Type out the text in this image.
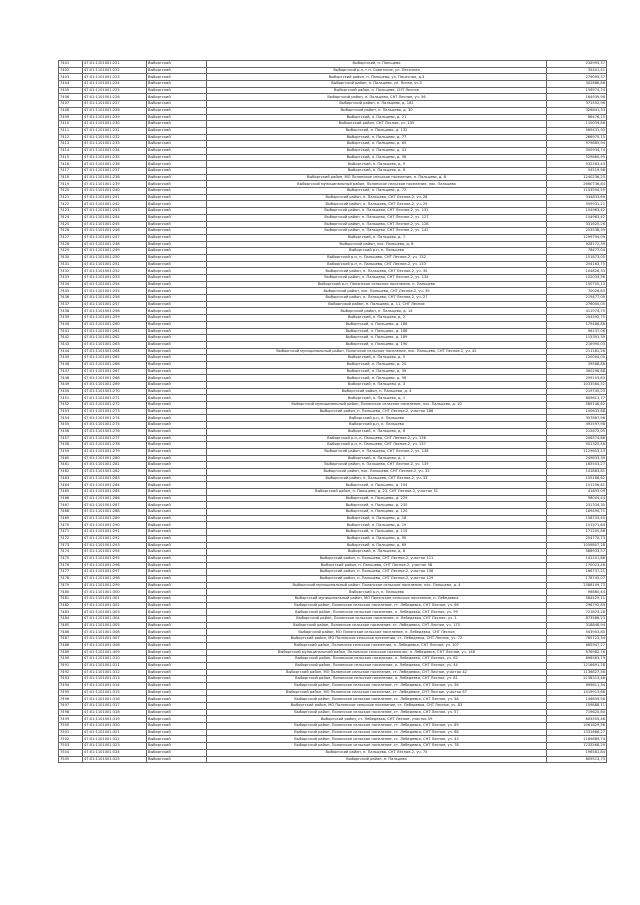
7401	47:01:1101001:221	Выборгский	Выборгский, п. Пальцево	234993,37
7402	47:01:1101001:222	Выборгский	Выборгский р-н, г.п. Советское, ул. Песочная	35401,51
7403	47:01:1101001:223	Выборгский	Выборгский район, п. Пальцево, ул. Песочная, д.3	279095,37
7404	47:01:1101001:224	Выборгский	Выборгский район, п. Пальцево, ул. Ясная, уч.5	302886,86
7405	47:01:1101001:225	Выборгский	Выборгский район, п. Пальцево, СНТ Лесное	156974,74
7406	47:01:1101001:226	Выборгский	Выборгский район, п. Пальцево, СНТ Лесное, уч. 56	164939,98
7407	47:01:1101001:227	Выборгский	Выборгский район, п. Пальцево, д. 181	371552,96
7408	47:01:1101001:228	Выборгский	Выборгский район, п. Пальцево, д. 30	326641,33
7409	47:01:1101001:229	Выборгский	Выборгский, п. Пальцево, д. 21	86476,15
7410	47:01:1101001:230	Выборгский	Выборгский район, СНТ Лесное, уч. 135	110039,86
7411	47:01:1101001:231	Выборгский	Выборгский, п. Пальцево, д. 132	569431,93
7412	47:01:1101001:232	Выборгский	Выборгский, п. Пальцево, д. 77	266970,15
7413	47:01:1101001:233	Выборгский	Выборгский, п. Пальцево, д. 65	579885,94
7414	47:01:1101001:234	Выборгский	Выборгский, п. Пальцево, д. 41	350934,74
7415	47:01:1101001:235	Выборгский	Выборгский, п. Пальцево, д. 58	529880,95
7416	47:01:1101001:236	Выборгский	Выборгский, п. Пальцево, д. 9	532263,44
7417	47:01:1101001:237	Выборгский	Выборгский, п. Пальцево, д. 6	54519,98
7418	47:01:1101001:238	Выборгский	Выборгский район, МО Полянское сельское поселение, п. Пальцево, д. 8	1240236,25
7419	47:01:1101001:239	Выборгский	Выборгский муниципальный район, Полянское сельское поселение, пос. Пальцево	2660736,84
7420	47:01:1101001:240	Выборгский	Выборгский, п. Пальцево, д. 72	1103594,55
7421	47:01:1101001:241	Выборгский	Выборгский район, п. Пальцево, СНТ Лесное-2, уч. 28	334833,69
7422	47:01:1101001:242	Выборгский	Выборгский район, п. Пальцево, СНТ Лесное-2, уч. 29	559931,21
7423	47:01:1101001:243	Выборгский	Выборгский район, п. Пальцево, СНТ Лесное-2, уч. 131	154963,42
7424	47:01:1101001:244	Выборгский	Выборгский район, п. Пальцево, СНТ Лесное-2, уч. 127	154963,42
7425	47:01:1101001:245	Выборгский	Выборгский район, п. Пальцево, СНТ Лесное-2, уч. 128	331625,26
7426	47:01:1101001:246	Выборгский	Выборгский район, п. Пальцево, СНТ Лесное-2, уч. 141	253538,39
7427	47:01:1101001:247	Выборгский	Выборгский, п. Пальцево, д. 7	1299794,09
7428	47:01:1101001:248	Выборгский	Выборгский район, пос. Пальцево, д. 8	928172,39
7429	47:01:1101001:249	Выборгский	Выборгский р-н, п. Пальцево	78477,04
7430	47:01:1101001:250	Выборгский	Выборгский р-н, п. Пальцево, СНТ Лесное-2, уч. 132	151873,05
7431	47:01:1101001:251	Выборгский	Выборгский р-н, п. Пальцево, СНТ Лесное-2, уч. 133	254163,75
7432	47:01:1101001:252	Выборгский	Выборгский район, п. Пальцево, СНТ Лесное-2, уч. 35	104826,33
7433	47:01:1101001:253	Выборгский	Выборгский район, п. Пальцево, СНТ Лесное-2, уч. 134	102033,56
7434	47:01:1101001:254	Выборгский	Выборгский р-н, Полянское сельское поселение, п. Пальцево	150755,13
7435	47:01:1101001:255	Выборгский	Выборгский район, пос. Пальцево, СНТ Лесное-2, уч. 39	70026,85
7436	47:01:1101001:256	Выборгский	Выборгский район, п. Пальцево, СНТ Лесное-2, уч. 27	219477,09
7437	47:01:1101001:257	Выборгский	Выборгский район, п. Пальцево, д. 11, СНТ Лесное	276000,00
7438	47:01:1101001:258	Выборгский	Выборгский район, п. Пальцево, д. 14	411974,75
7439	47:01:1101001:259	Выборгский	Выборгский, п. Пальцево, д. 2	254592,75
7440	47:01:1101001:260	Выборгский	Выборгский, п. Пальцево, д. 186	179486,88
7441	47:01:1101001:261	Выборгский	Выборгский, п. Пальцево, д. 188	96137,06
7442	47:01:1101001:262	Выборгский	Выборгский, п. Пальцево, д. 189	115391,39
7443	47:01:1101001:263	Выборгский	Выборгский, п. Пальцево, д. 190	216990,03
7444	47:01:1101001:264	Выборгский	Выборгский муниципальный район, Полянское сельское поселение, пос. Пальцево, СНТ Лесное-2, уч. 42	211181,26
7445	47:01:1101001:265	Выборгский	Выборгский, п. Пальцево, д. 5	120000,00
7446	47:01:1101001:266	Выборгский	Выборгский, п. Пальцево, д. 20	39568,88
7447	47:01:1101001:267	Выборгский	Выборгский, п. Пальцево, д. 39	300298,88
7448	47:01:1101001:268	Выборгский	Выборгский, п. Пальцево, д. 56	259103,83
7449	47:01:1101001:269	Выборгский	Выборгский, п. Пальцево, д. 3	1033584,52
7450	47:01:1101001:270	Выборгский	Выборгский район, п. Пальцево, д. 4	219745,23
7451	47:01:1101001:271	Выборгский	Выборгский, п. Пальцево, д. 1	809611,77
7452	47:01:1101001:272	Выборгский	Выборгский муниципальный район, Полянское сельское поселение, пос. Пальцево, д. 10	589148,62
7453	47:01:1101001:273	Выборгский	Выборгский район, п. Пальцево, СНТ Лесное-2, участок 186	100633,88
7454	47:01:1101001:274	Выборгский	Выборгский р-н, п. Пальцево	357887,96
7455	47:01:1101001:275	Выборгский	Выборгский р-н, п. Пальцево	492597,98
7456	47:01:1101001:276	Выборгский	Выборгский, п. Пальцево, д. 6	215672,05
7457	47:01:1101001:277	Выборгский	Выборгский р-н, п. Пальцево, СНТ Лесное-2, уч. 136	206574,86
7458	47:01:1101001:278	Выборгский	Выборгский р-н, п. Пальцево, СНТ Лесное-2, уч. 137	501325,46
7459	47:01:1101001:279	Выборгский	Выборгский район, п. Пальцево, СНТ Лесное-2, уч. 138	1129653,13
7460	47:01:1101001:280	Выборгский	Выборгский, п. Пальцево, д. 1	249833,39
7461	47:01:1101001:281	Выборгский	Выборгский район, п. Пальцево, СНТ Лесное-2, уч. 139	185553,27
7462	47:01:1101001:282	Выборгский	Выборгский район, пос. Пальцево, СНТ Лесное-2, уч. 32	141883,81
7463	47:01:1101001:283	Выборгский	Выборгский район, п. Пальцево, СНТ Лесное-2, уч. 33	159166,62
7464	47:01:1101001:284	Выборгский	Выборгский, п. Пальцево, д. 104	151256,81
7465	47:01:1101001:285	Выборгский	Выборгский район, п. Пальцево, д. 23, СНТ Лесное-2, участок 31	41893,09
7466	47:01:1101001:286	Выборгский	Выборгский, п. Пальцево, д. 229	98004,44
7467	47:01:1101001:287	Выборгский	Выборгский, п. Пальцево, д. 235	231334,35
7468	47:01:1101001:288	Выборгский	Выборгский, п. Пальцево, д. 120	189494,71
7469	47:01:1101001:289	Выборгский	Выборгский, п. Пальцево, д. 18	158703,40
7470	47:01:1101001:290	Выборгский	Выборгский, п. Пальцево, д. 19	151571,64
7471	47:01:1101001:291	Выборгский	Выборгский, п. Пальцево, д. 115	171205,88
7472	47:01:1101001:292	Выборгский	Выборгский, п. Пальцево, д. 90	254770,73
7473	47:01:1101001:293	Выборгский	Выборгский, п. Пальцево, д. 69	1059807,28
7474	47:01:1101001:294	Выборгский	Выборгский, п. Пальцево, д. 8	588933,57
7475	47:01:1101001:295	Выборгский	Выборгский район, п. Пальцево, СНТ Лесное-2, участок 111	141201,86
7476	47:01:1101001:296	Выборгский	Выборгский район, п. Пальцево, СНТ Лесное-2, участок 98	170023,46
7477	47:01:1101001:297	Выборгский	Выборгский район, п. Пальцево, СНТ Лесное-2, участок 158	166737,21
7478	47:01:1101001:298	Выборгский	Выборгский район, п. Пальцево, СНТ Лесное-2, участок 129	178745,07
7479	47:01:1101001:299	Выборгский	Выборгский муниципальный район, Полянское сельское поселение, пос. Пальцево, д. 4	2386109,73
7480	47:01:1101001:300	Выборгский	Выборгский р-н, п. Пальцево	98860,44
7481	47:01:1101001:301	Выборгский	Выборгский муниципальный район, МО Полянское сельское поселение, п. Лебедевка	584429,11
7482	47:01:1101001:302	Выборгский	Выборгский район, Полянское сельское поселение, ст. Лебедевка, СНТ Лесное, уч. 96	296792,89
7483	47:01:1101001:303	Выборгский	Выборгский район, Полянское сельское поселение, п. Лебедевка, СНТ Лесное, уч. 99	721873,28
7484	47:01:1101001:304	Выборгский	Выборгский район, Полянское сельское поселение, п. Лебедевка, СНТ Лесное, уч. 1	873566,23
7485	47:01:1101001:305	Выборгский	Выборгский район, Полянское сельское поселение, ст. Лебедевка, СНТ Лесное, уч. 173	318848,94
7486	47:01:1101001:306	Выборгский	Выборгский район, МО Полянское сельское поселение, п. Лебедевка, СНТ Лесное	543903,80
7487	47:01:1101001:307	Выборгский	Выборгский район, МО Полянское сельское поселение, ст. Лебедевка, СНТ Лесное, уч. 72	785723,34
7488	47:01:1101001:308	Выборгский	Выборгский район, Полянское сельское поселение, п. Лебедевка, СНТ Лесное, уч. 107	685947,27
7489	47:01:1101001:309	Выборгский	Выборгский муниципальный район, Полянское сельское поселение, п. Лебедевка, СНТ Лесное, уч. 148	576982,76
7490	47:01:1101001:310	Выборгский	Выборгский район, Полянское сельское поселение, п. Лебедевка, СНТ Лесное, уч. 62	696563,79
7491	47:01:1101001:311	Выборгский	Выборгский район, Полянское сельское поселение, п. Лебедевка, СНТ Лесное, уч. 44	1216691,28
7492	47:01:1101001:312	Выборгский	Выборгский район, МО Полянское сельское поселение, ст. Лебедевка, СНТ Лесное, участок 42	1136827,58
7493	47:01:1101001:313	Выборгский	Выборгский район, Полянское сельское поселение, п. Лебедевка, СНТ Лесное, уч. 81	2138313,48
7494	47:01:1101001:314	Выборгский	Выборгский район, Полянское сельское поселение, ст. Лебедевка, СНТ Лесное, уч. 36	699611,34
7495	47:01:1101001:315	Выборгский	Выборгский район, МО Полянское сельское поселение, ст. Лебедевка, СНТ Лесное, участок 67	1419913,66
7496	47:01:1101001:316	Выборгский	Выборгский район, Полянское сельское поселение, ст. Лебедевка, СНТ Лесное, уч. 38	156659,56
7497	47:01:1101001:317	Выборгский	Выборгский район, МО Полянское сельское поселение, ст. Лебедевка, СНТ Лесное, уч. 83	159888,11
7498	47:01:1101001:318	Выборгский	Выборгский район, Полянское сельское поселение, ст. Лебедевка, СНТ Лесное, уч. 57	719620,60
7499	47:01:1101001:319	Выборгский	Выборгский район, ст. Лебедевка, СНТ Лесное, участок 59	605555,46
7500	47:01:1101001:320	Выборгский	Выборгский район, Полянское сельское поселение, ст. Лебедевка, СНТ Лесное, уч. 89	1061829,56
7501	47:01:1101001:321	Выборгский	Выборгский район, Полянское сельское поселение, ст. Лебедевка, СНТ Лесное, уч. 88	1331666,27
7502	47:01:1101001:322	Выборгский	Выборгский район, Полянское сельское поселение, ст. Лебедевка, СНТ Лесное, уч. 43	1189889,74
7503	47:01:1101001:323	Выборгский	Выборгский район, Полянское сельское поселение, ст. Лебедевка, СНТ Лесное, уч. 78	1233568,29
7504	47:01:1101001:324	Выборгский	Выборгский район, п. Пальцево, СНТ Лесное-2, уч. 74	196581,84
7505	47:01:1101001:325	Выборгский	Выборгский район, п. Пальцево	809513,73
